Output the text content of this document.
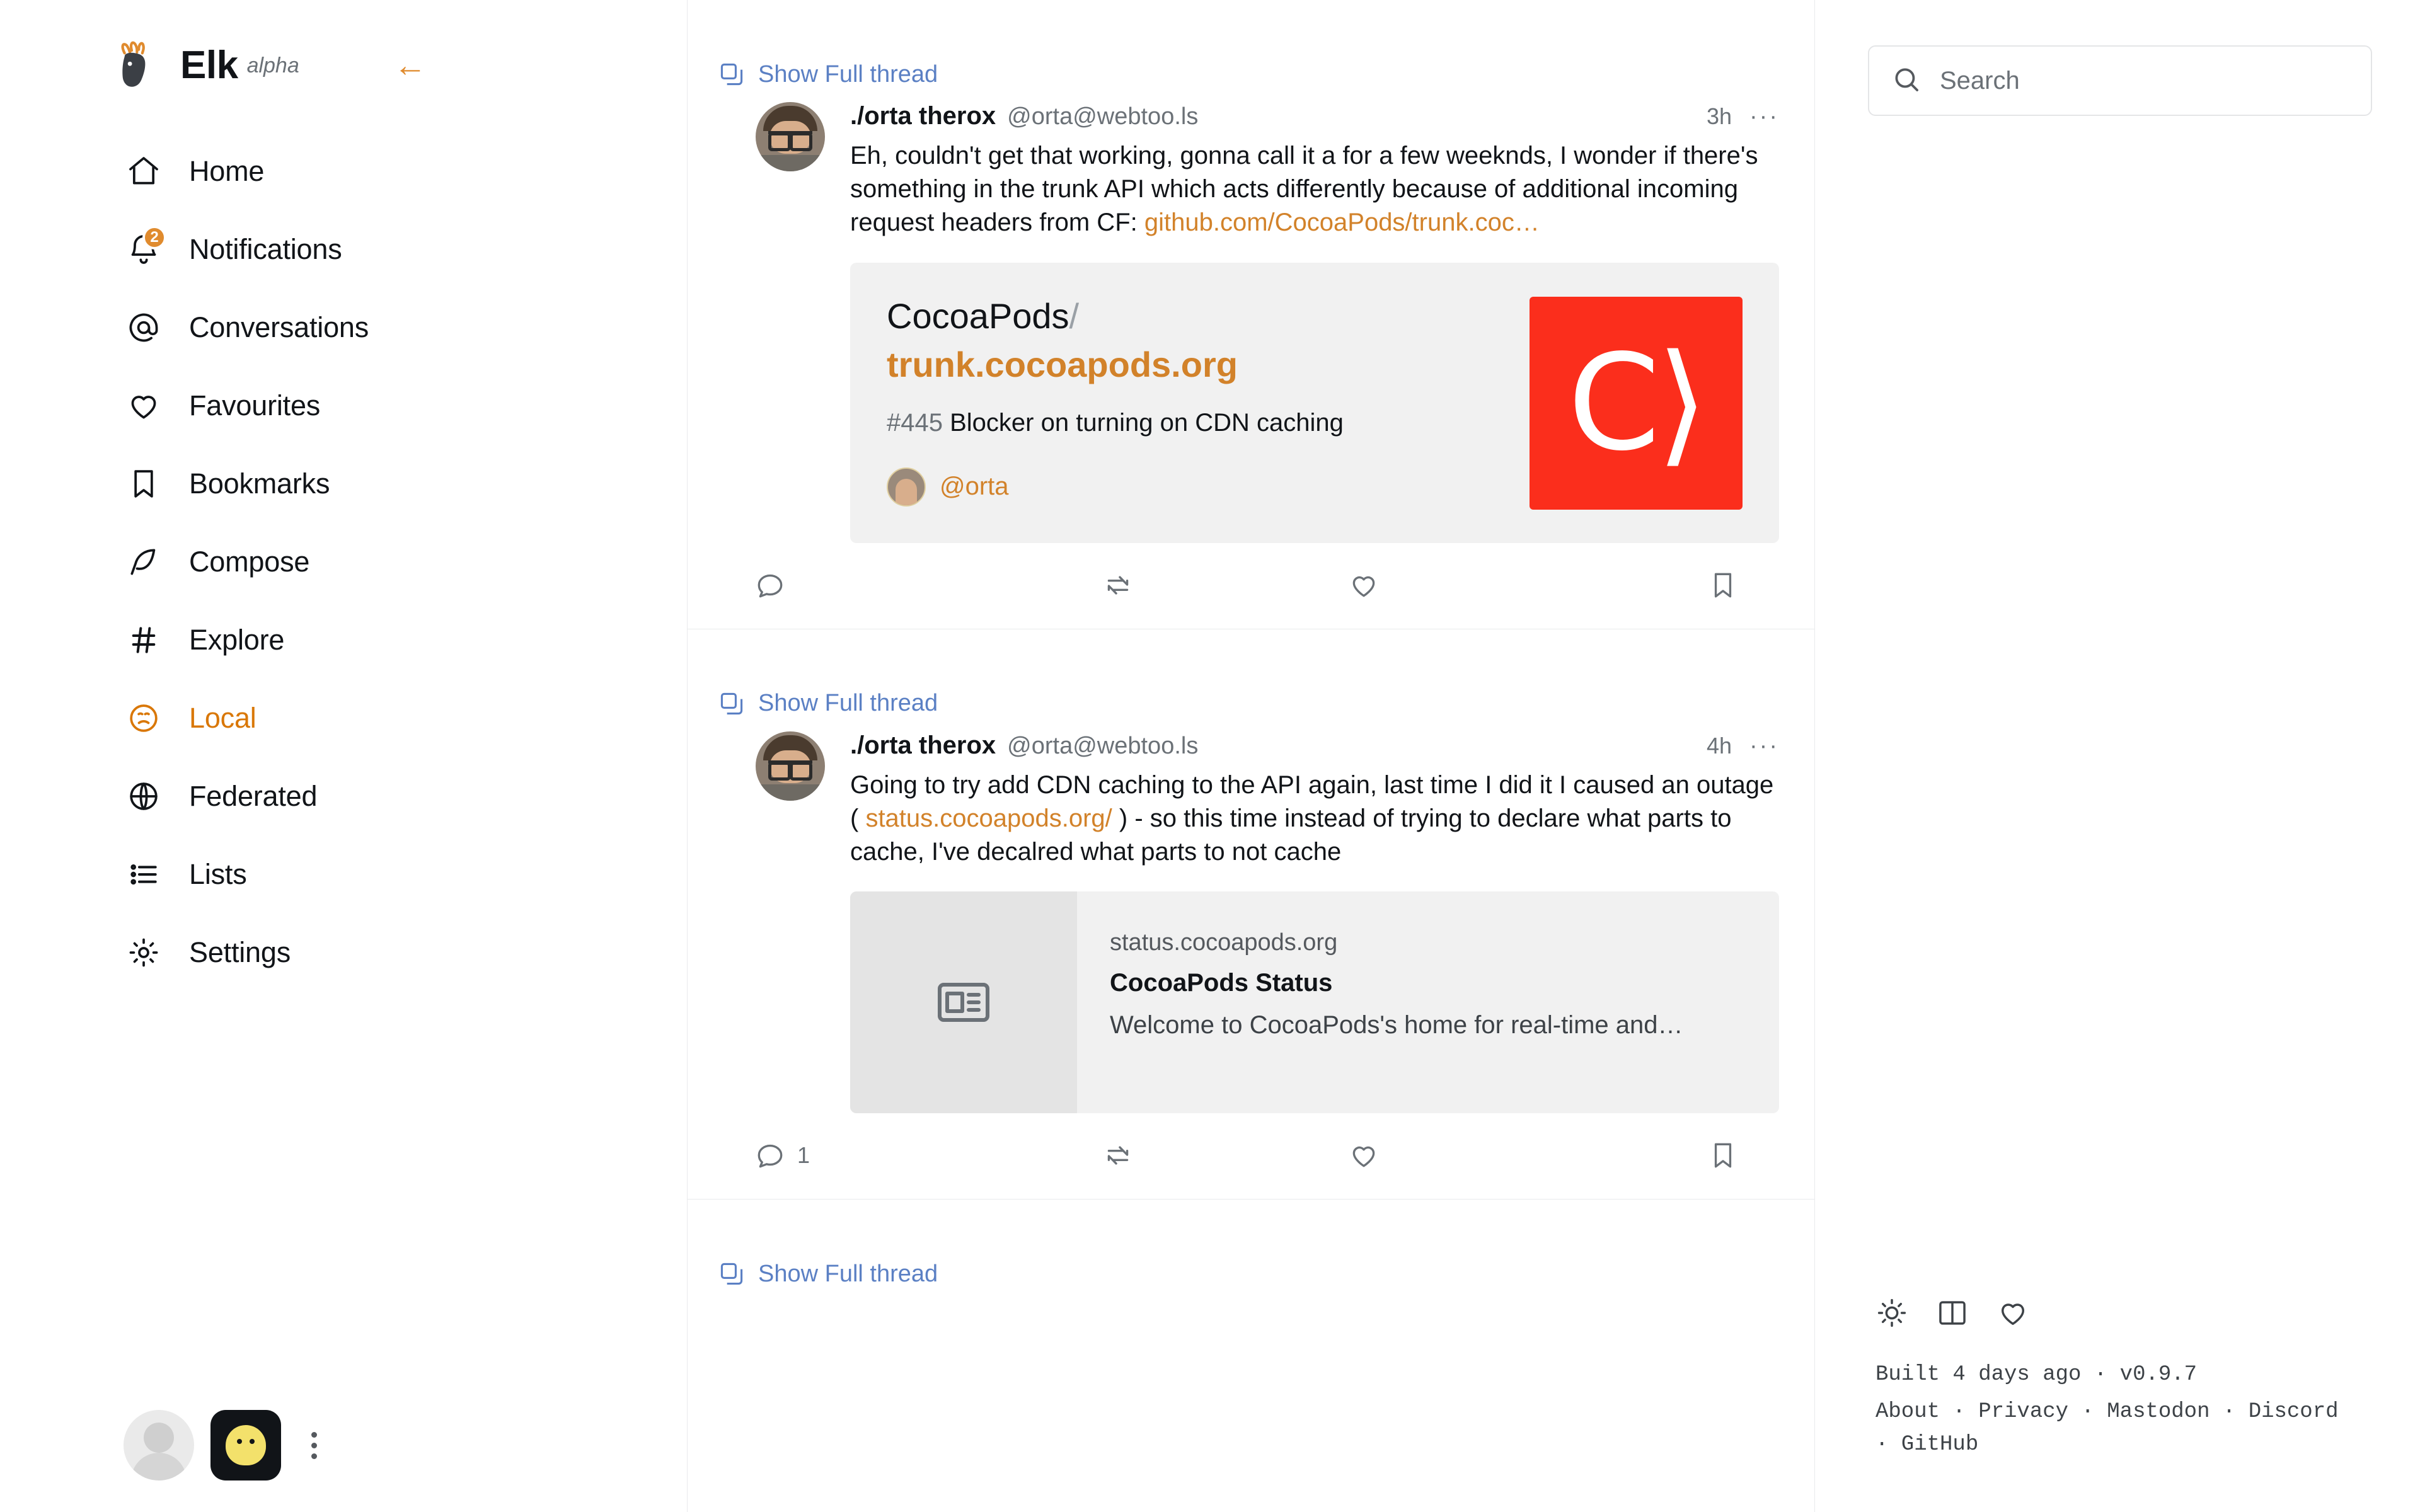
Elk alpha	←
Home
2 Notifications
Conversations
Favourites
Bookmarks
Compose
Explore
Local
Federated
Lists
Settings
Show Full thread
./orta therox @orta@webtoo.ls	3h ···
Eh, couldn't get that working, gonna call it a for a few weeknds, I wonder if there's something in the trunk API which acts differently because of additional incoming request headers from CF: github.com/CocoaPods/trunk.coc…
CocoaPods/
trunk.cocoapods.org
#445 Blocker on turning on CDN caching
@orta
C⟩
Show Full thread
./orta therox @orta@webtoo.ls	4h ···
Going to try add CDN caching to the API again, last time I did it I caused an outage ( status.cocoapods.org/ ) - so this time instead of trying to declare what parts to cache, I've decalred what parts to not cache
status.cocoapods.org
CocoaPods Status
Welcome to CocoaPods's home for real-time and…
1
Show Full thread
Search
Built 4 days ago · v0.9.7
About · Privacy · Mastodon · Discord · GitHub
